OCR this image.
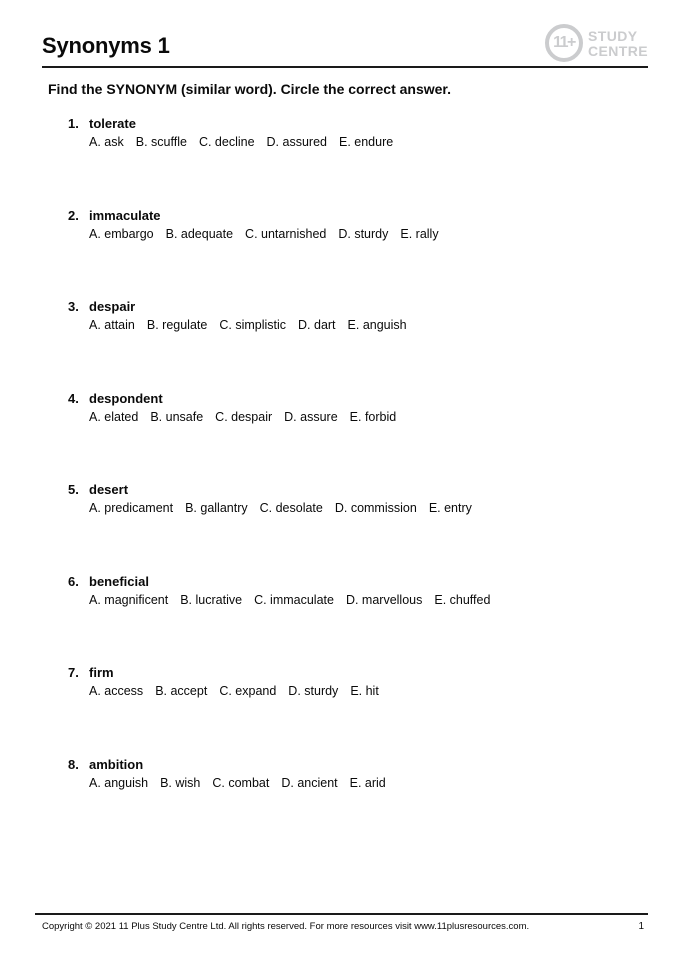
Synonyms 1	11+ STUDY
CENTRE

Find the SYNONYM (similar word). Circle the correct answer.

1. tolerate
A. ask B. scuffle C. decline D. assured E. endure
2. immaculate
A. embargo B. adequate C. untarnished D. sturdy E. rally
3. despair
A. attain B. regulate C. simplistic D. dart E. anguish
4. despondent
A. elated B. unsafe C. despair D. assure E. forbid
5. desert
A. predicament B. gallantry C. desolate D. commission E. entry
6. beneficial
A. magnificent B. lucrative C. immaculate D. marvellous E. chuffed
7. firm
A. access B. accept C. expand D. sturdy E. hit
8. ambition
A. anguish B. wish C. combat D. ancient E. arid
Copyright © 2021 11 Plus Study Centre Ltd. All rights reserved. For more resources visit www.11plusresources.com.	1
